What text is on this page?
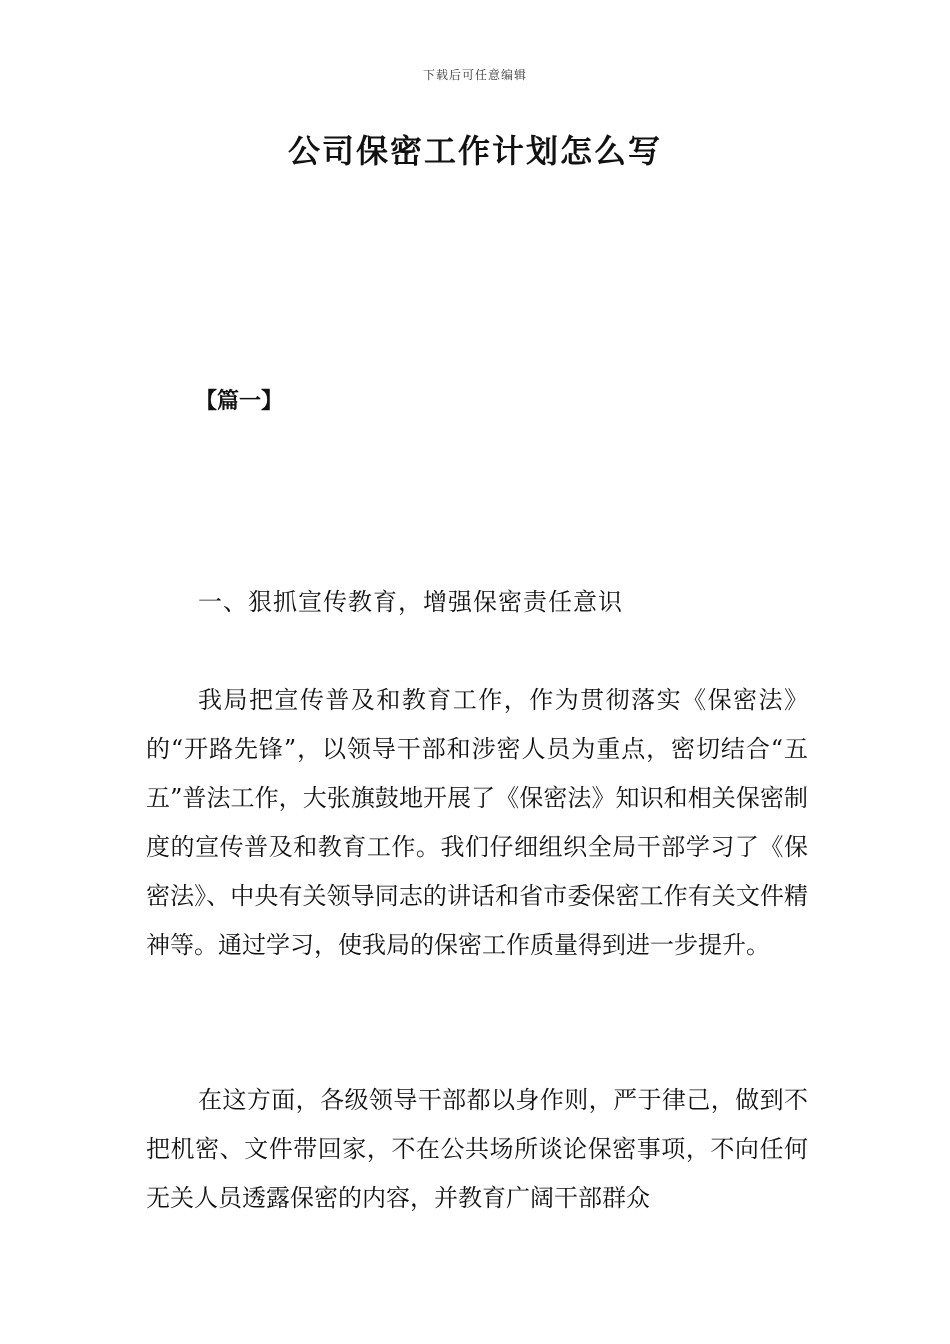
下载后可任意编辑
公司保密工作计划怎么写
【篇一】
一、狠抓宣传教育，增强保密责任意识

我局把宣传普及和教育工作，作为贯彻落实《保密法》的“开路先锋”，以领导干部和涉密人员为重点，密切结合“五五”普法工作，大张旗鼓地开展了《保密法》知识和相关保密制度的宣传普及和教育工作。我们仔细组织全局干部学习了《保密法》、中央有关领导同志的讲话和省市委保密工作有关文件精神等。通过学习，使我局的保密工作质量得到进一步提升。

在这方面，各级领导干部都以身作则，严于律己，做到不把机密、文件带回家，不在公共场所谈论保密事项，不向任何无关人员透露保密的内容，并教育广阔干部群众
